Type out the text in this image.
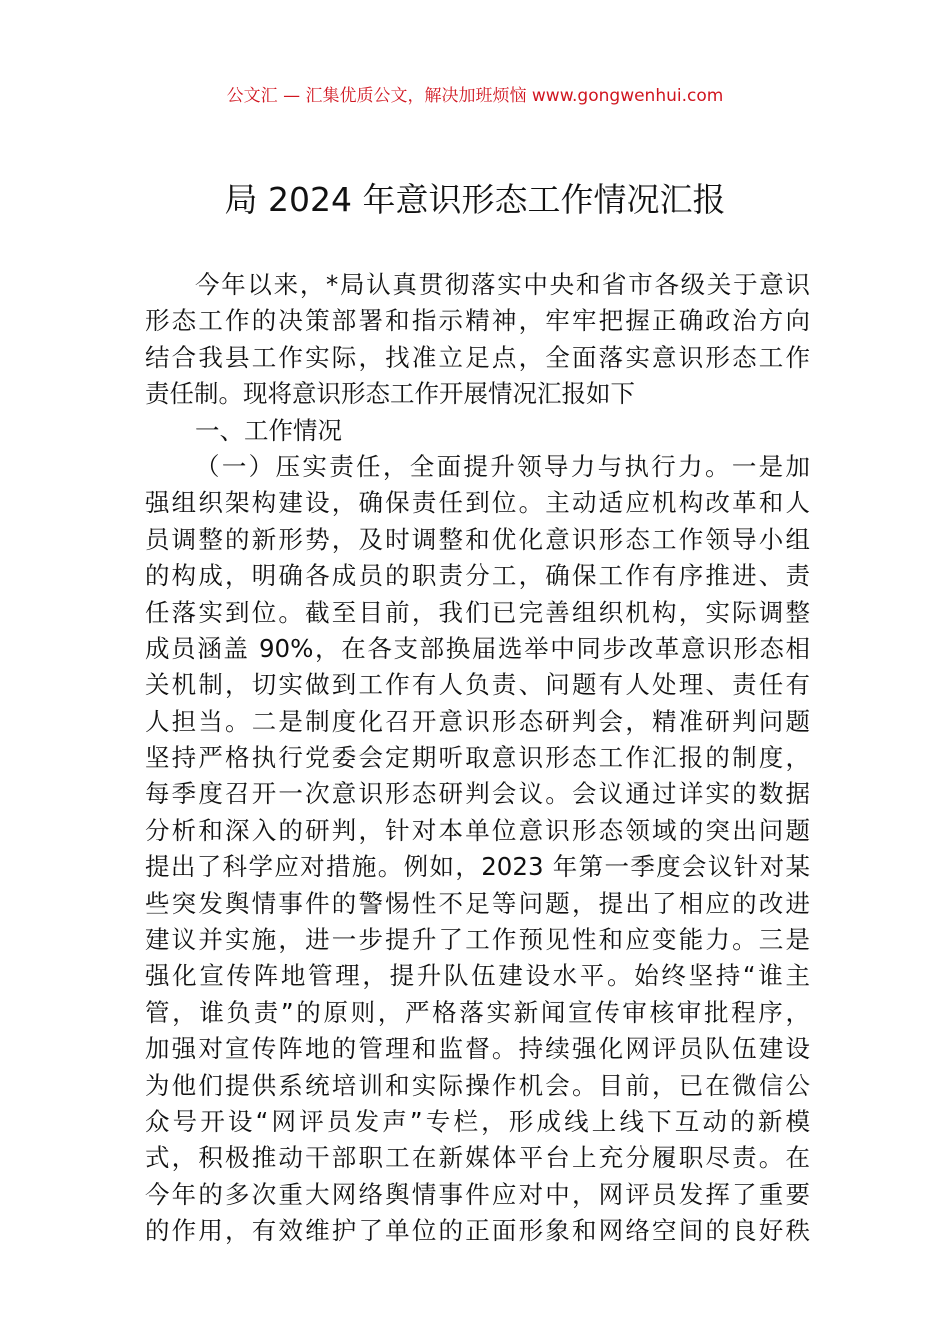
公文汇 — 汇集优质公文，解决加班烦恼 www.gongwenhui.com
局 2024 年意识形态工作情况汇报
今年以来，*局认真贯彻落实中央和省市各级关于意识
形态工作的决策部署和指示精神，牢牢把握正确政治方向
结合我县工作实际，找准立足点，全面落实意识形态工作
责任制。现将意识形态工作开展情况汇报如下
一、工作情况
（一）压实责任，全面提升领导力与执行力。一是加
强组织架构建设，确保责任到位。主动适应机构改革和人
员调整的新形势，及时调整和优化意识形态工作领导小组
的构成，明确各成员的职责分工，确保工作有序推进、责
任落实到位。截至目前，我们已完善组织机构，实际调整
成员涵盖 90%，在各支部换届选举中同步改革意识形态相
关机制，切实做到工作有人负责、问题有人处理、责任有
人担当。二是制度化召开意识形态研判会，精准研判问题
坚持严格执行党委会定期听取意识形态工作汇报的制度，
每季度召开一次意识形态研判会议。会议通过详实的数据
分析和深入的研判，针对本单位意识形态领域的突出问题
提出了科学应对措施。例如，2023 年第一季度会议针对某
些突发舆情事件的警惕性不足等问题，提出了相应的改进
建议并实施，进一步提升了工作预见性和应变能力。三是
强化宣传阵地管理，提升队伍建设水平。始终坚持“谁主
管，谁负责”的原则，严格落实新闻宣传审核审批程序，
加强对宣传阵地的管理和监督。持续强化网评员队伍建设
为他们提供系统培训和实际操作机会。目前，已在微信公
众号开设“网评员发声”专栏，形成线上线下互动的新模
式，积极推动干部职工在新媒体平台上充分履职尽责。在
今年的多次重大网络舆情事件应对中，网评员发挥了重要
的作用，有效维护了单位的正面形象和网络空间的良好秩
